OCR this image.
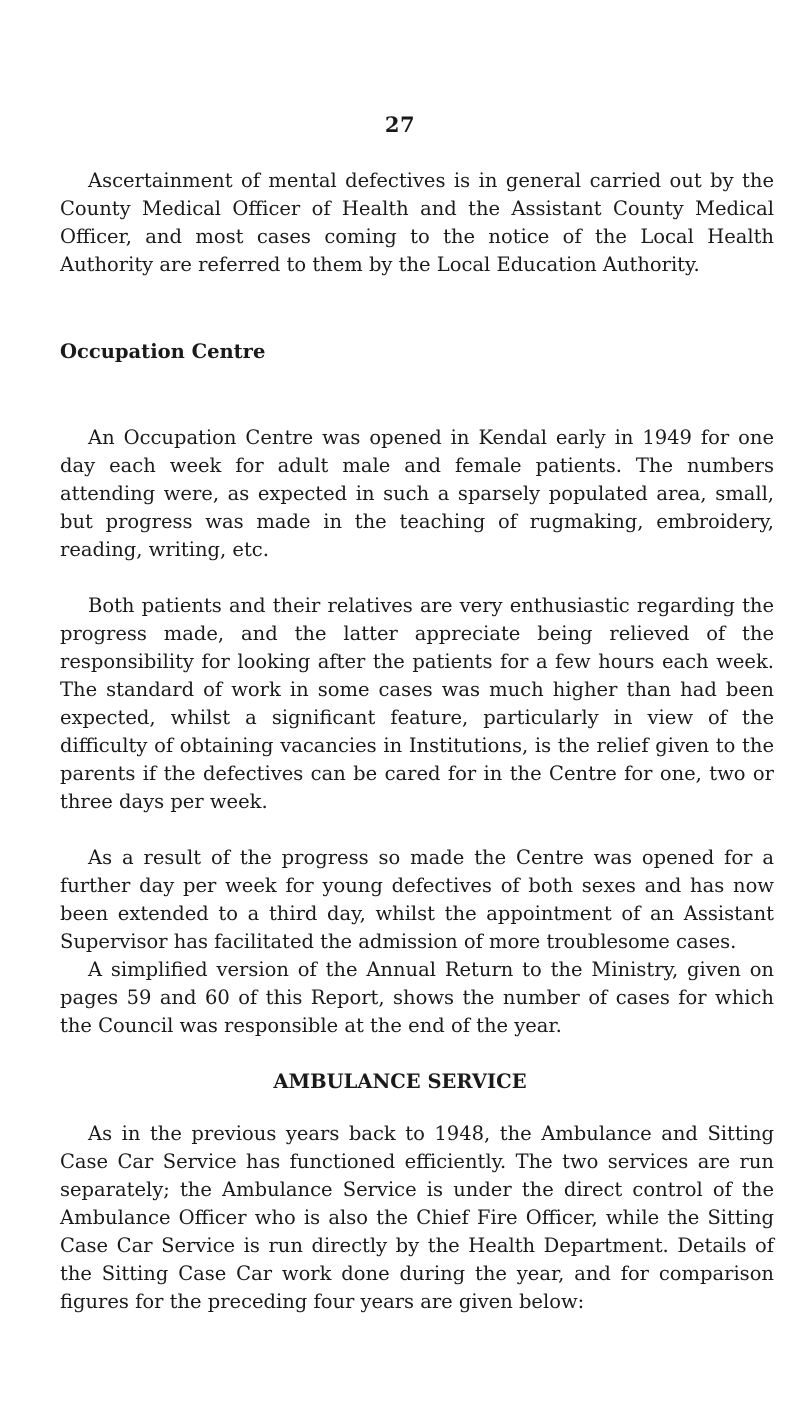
27

Ascertainment of mental defectives is in general carried out by the County Medical Officer of Health and the Assistant County Medical Officer, and most cases coming to the notice of the Local Health Authority are referred to them by the Local Education Authority.

Occupation Centre

An Occupation Centre was opened in Kendal early in 1949 for one day each week for adult male and female patients. The numbers attending were, as expected in such a sparsely populated area, small, but progress was made in the teaching of rugmaking, embroidery, reading, writing, etc.

Both patients and their relatives are very enthusiastic regarding the progress made, and the latter appreciate being relieved of the responsibility for looking after the patients for a few hours each week. The standard of work in some cases was much higher than had been expected, whilst a significant feature, particularly in view of the difficulty of obtaining vacancies in Institutions, is the relief given to the parents if the defectives can be cared for in the Centre for one, two or three days per week.

As a result of the progress so made the Centre was opened for a further day per week for young defectives of both sexes and has now been extended to a third day, whilst the appointment of an Assistant Supervisor has facilitated the admission of more troublesome cases.

A simplified version of the Annual Return to the Ministry, given on pages 59 and 60 of this Report, shows the number of cases for which the Council was responsible at the end of the year.

AMBULANCE SERVICE

As in the previous years back to 1948, the Ambulance and Sitting Case Car Service has functioned efficiently. The two services are run separately; the Ambulance Service is under the direct control of the Ambulance Officer who is also the Chief Fire Officer, while the Sitting Case Car Service is run directly by the Health Department. Details of the Sitting Case Car work done during the year, and for comparison figures for the preceding four years are given below:
